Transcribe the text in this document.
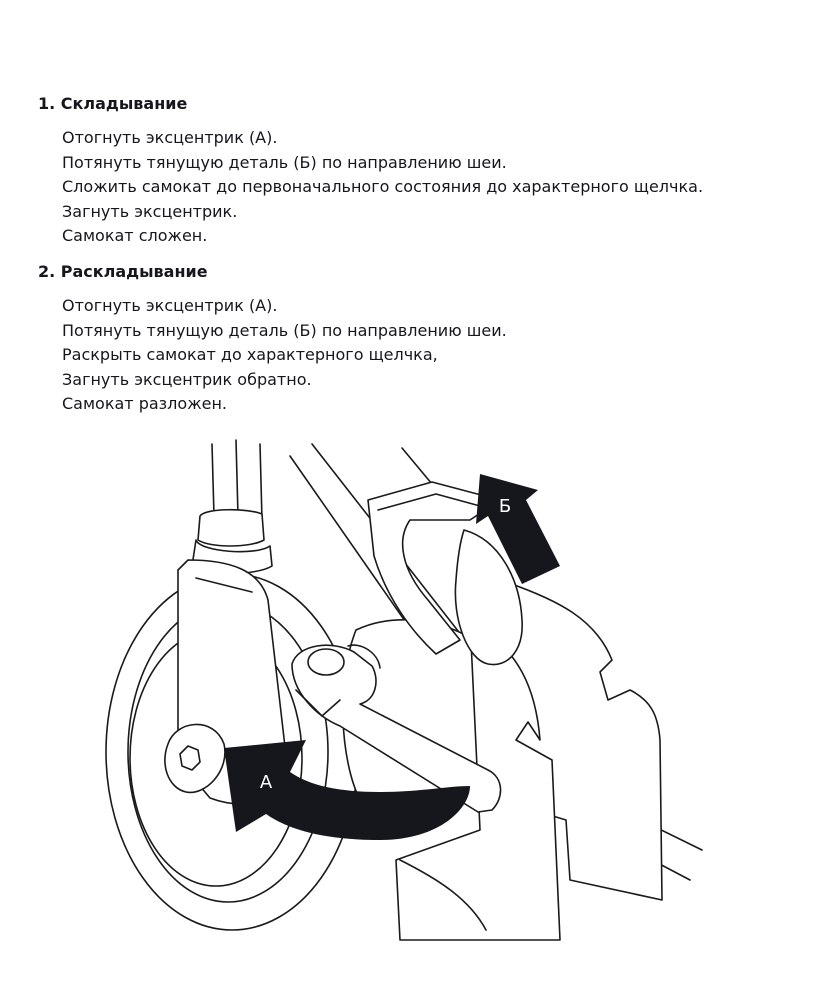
1. Складывание
Отогнуть эксцентрик (А).
Потянуть тянущую деталь (Б) по направлению шеи.
Сложить самокат до первоначального состояния до характерного щелчка.
Загнуть эксцентрик.
Самокат сложен.
2. Раскладывание
Отогнуть эксцентрик (А).
Потянуть тянущую деталь (Б) по направлению шеи.
Раскрыть самокат до характерного щелчка,
Загнуть эксцентрик обратно.
Самокат разложен.
А
Б
